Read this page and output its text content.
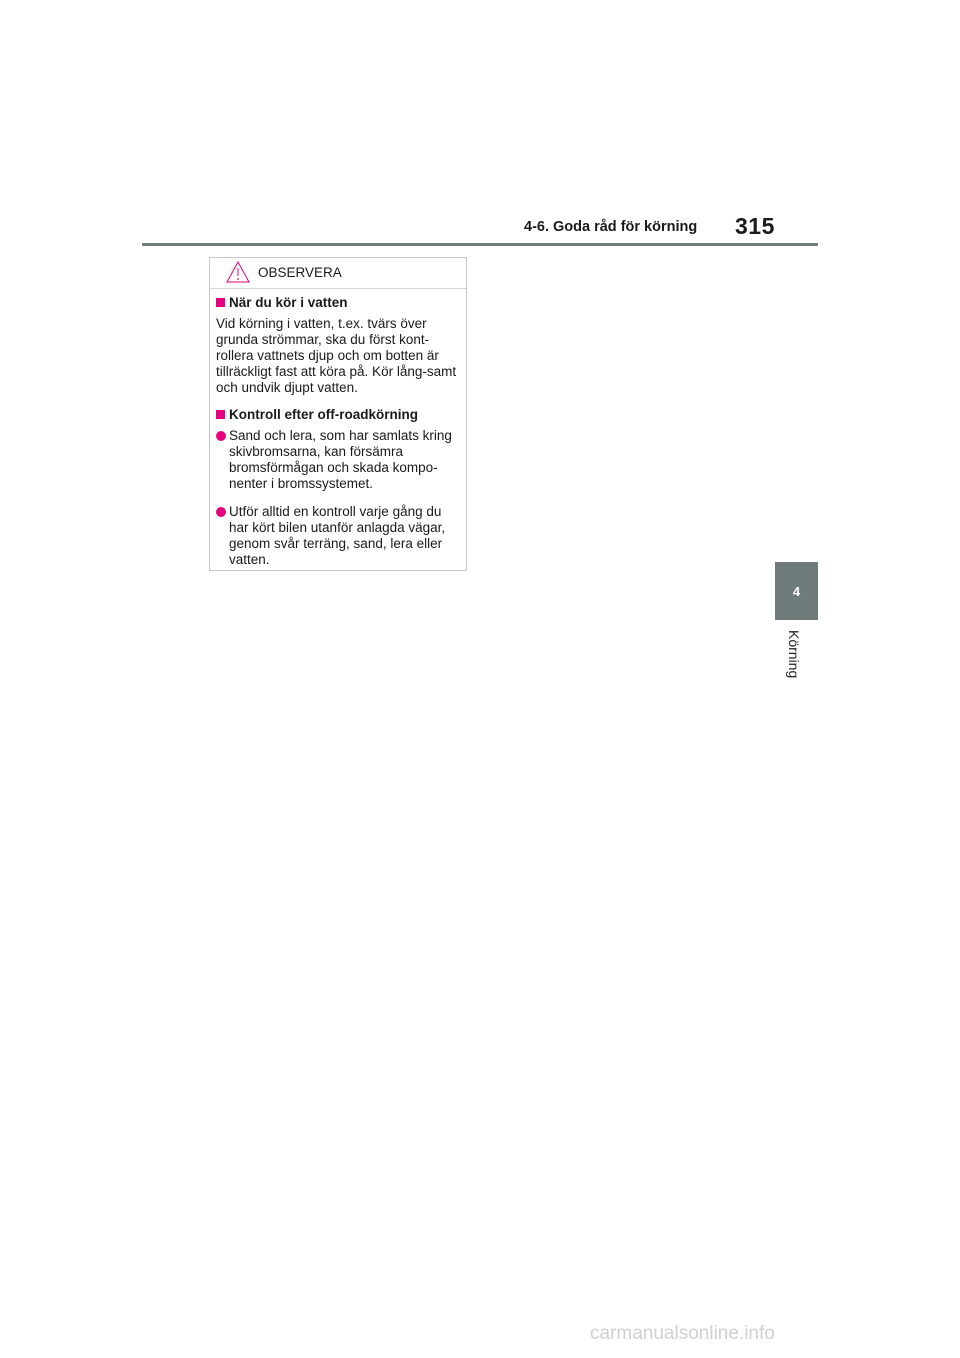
4-6. Goda råd för körning 315
4
Körning
OBSERVERA
När du kör i vatten

Vid körning i vatten, t.ex. tvärs över grunda strömmar, ska du först kont-rollera vattnets djup och om botten är tillräckligt fast att köra på. Kör lång-samt och undvik djupt vatten.

Kontroll efter off-roadkörning
Sand och lera, som har samlats kring skivbromsarna, kan försämra bromsförmågan och skada kompo-nenter i bromssystemet.
Utför alltid en kontroll varje gång du har kört bilen utanför anlagda vägar, genom svår terräng, sand, lera eller vatten.
carmanualsonline.info
